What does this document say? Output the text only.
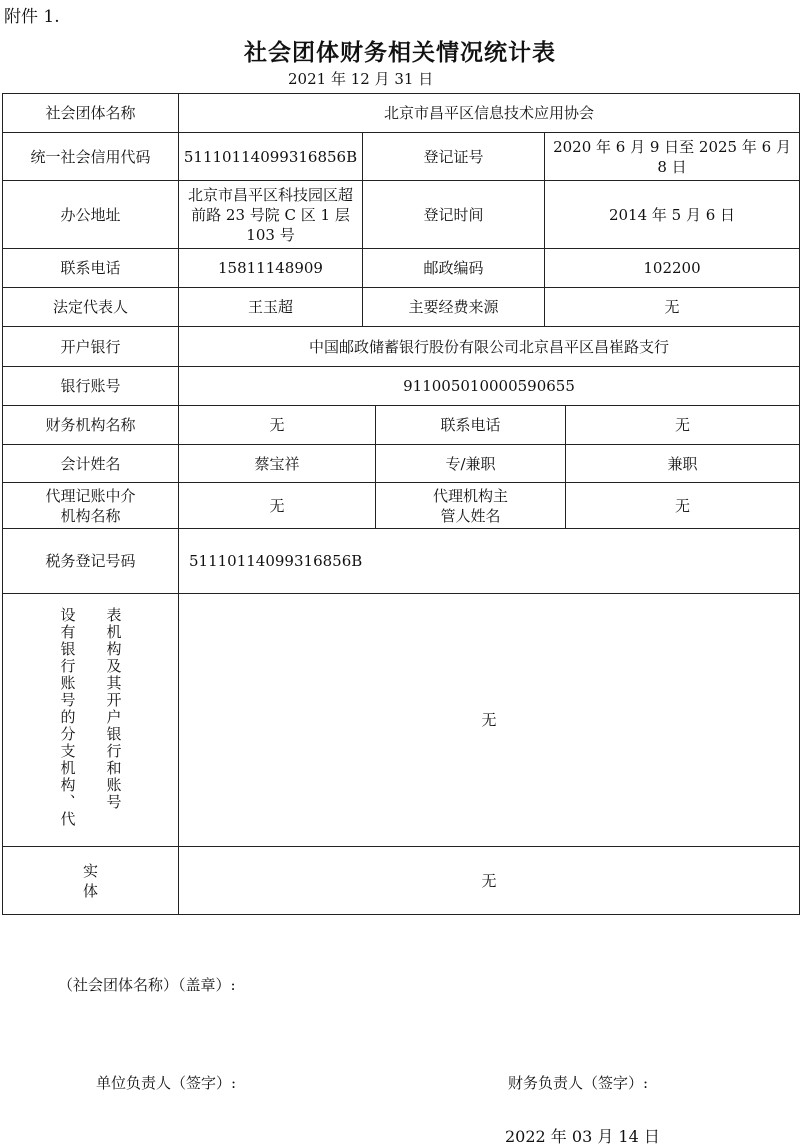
附件 1.
社会团体财务相关情况统计表
2021 年 12 月 31 日
社会团体名称	北京市昌平区信息技术应用协会				
统一社会信用代码	51110114099316856B	登记证号		2020 年 6 月 9 日至 2025 年 6 月 8 日	
办公地址	北京市昌平区科技园区超前路 23 号院 C 区 1 层 103 号	登记时间		2014 年 5 月 6 日	
联系电话	15811148909	邮政编码		102200	
法定代表人	王玉超	主要经费来源		无	
开户银行	中国邮政储蓄银行股份有限公司北京昌平区昌崔路支行				
银行账号	911005010000590655				
财务机构名称	无		联系电话		无
会计姓名	蔡宝祥		专/兼职		兼职
代理记账中介机构名称	无		代理机构主管人姓名		无
税务登记号码	51110114099316856B				

设有银行账号的分支机构、代 表机构及其开户银行和账号	无				
实体	无				
（社会团体名称）（盖章）:
单位负责人（签字）:	财务负责人（签字）:
2022 年 03 月 14 日
